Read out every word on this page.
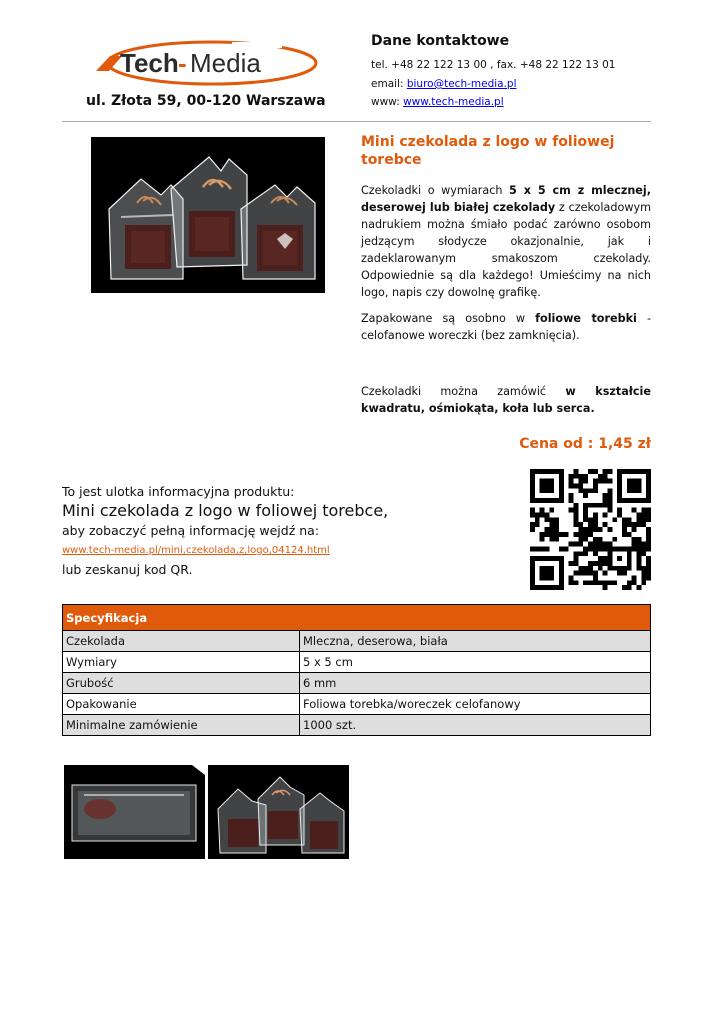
Tech - Media
ul. Złota 59, 00-120 Warszawa
Dane kontaktowe
tel. +48 22 122 13 00 , fax. +48 22 122 13 01
email: biuro@tech-media.pl
www: www.tech-media.pl
Mini czekolada z logo w foliowej torebce
Czekoladki o wymiarach 5 x 5 cm z mlecznej, deserowej lub białej czekolady z czekoladowym nadrukiem można śmiało podać zarówno osobom jedzącym słodycze okazjonalnie, jak i zadeklarowanym smakoszom czekolady. Odpowiednie są dla każdego! Umieścimy na nich logo, napis czy dowolnę grafikę.
Zapakowane są osobno w foliowe torebki - celofanowe woreczki (bez zamknięcia).
Czekoladki można zamówić w kształcie kwadratu, ośmiokąta, koła lub serca.
Cena od : 1,45 zł
To jest ulotka informacyjna produktu:
Mini czekolada z logo w foliowej torebce,
aby zobaczyć pełną informację wejdź na:
www.tech-media.pl/mini,czekolada,z,logo,04124.html
lub zeskanuj kod QR.
Specyfikacja	
Czekolada	Mleczna, deserowa, biała
Wymiary	5 x 5 cm
Grubość	6 mm
Opakowanie	Foliowa torebka/woreczek celofanowy
Minimalne zamówienie	1000 szt.
